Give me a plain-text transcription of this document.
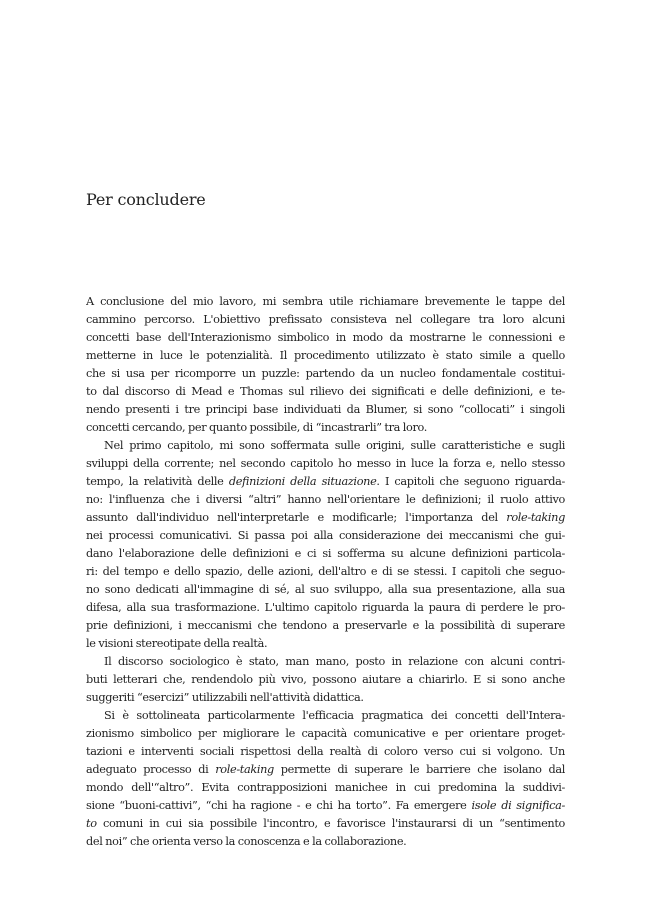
Per concludere
A conclusione del mio lavoro, mi sembra utile richiamare brevemente le tappe del
cammino percorso. L'obiettivo prefissato consisteva nel collegare tra loro alcuni
concetti base dell'Interazionismo simbolico in modo da mostrarne le connessioni e
metterne in luce le potenzialità. Il procedimento utilizzato è stato simile a quello
che si usa per ricomporre un puzzle: partendo da un nucleo fondamentale costitui-
to dal discorso di Mead e Thomas sul rilievo dei significati e delle definizioni, e te-
nendo presenti i tre principi base individuati da Blumer, si sono “collocati” i singoli
concetti cercando, per quanto possibile, di “incastrarli” tra loro.
Nel primo capitolo, mi sono soffermata sulle origini, sulle caratteristiche e sugli
sviluppi della corrente; nel secondo capitolo ho messo in luce la forza e, nello stesso
tempo, la relatività delle definizioni della situazione. I capitoli che seguono riguarda-
no: l'influenza che i diversi “altri” hanno nell'orientare le definizioni; il ruolo attivo
assunto dall'individuo nell'interpretarle e modificarle; l'importanza del role-taking
nei processi comunicativi. Si passa poi alla considerazione dei meccanismi che gui-
dano l'elaborazione delle definizioni e ci si sofferma su alcune definizioni particola-
ri: del tempo e dello spazio, delle azioni, dell'altro e di se stessi. I capitoli che seguo-
no sono dedicati all'immagine di sé, al suo sviluppo, alla sua presentazione, alla sua
difesa, alla sua trasformazione. L'ultimo capitolo riguarda la paura di perdere le pro-
prie definizioni, i meccanismi che tendono a preservarle e la possibilità di superare
le visioni stereotipate della realtà.
Il discorso sociologico è stato, man mano, posto in relazione con alcuni contri-
buti letterari che, rendendolo più vivo, possono aiutare a chiarirlo. E si sono anche
suggeriti “esercizi” utilizzabili nell'attività didattica.
Si è sottolineata particolarmente l'efficacia pragmatica dei concetti dell'Intera-
zionismo simbolico per migliorare le capacità comunicative e per orientare proget-
tazioni e interventi sociali rispettosi della realtà di coloro verso cui si volgono. Un
adeguato processo di role-taking permette di superare le barriere che isolano dal
mondo dell'“altro”. Evita contrapposizioni manichee in cui predomina la suddivi-
sione “buoni-cattivi”, “chi ha ragione - e chi ha torto”. Fa emergere isole di significa-
to comuni in cui sia possibile l'incontro, e favorisce l'instaurarsi di un “sentimento
del noi” che orienta verso la conoscenza e la collaborazione.
